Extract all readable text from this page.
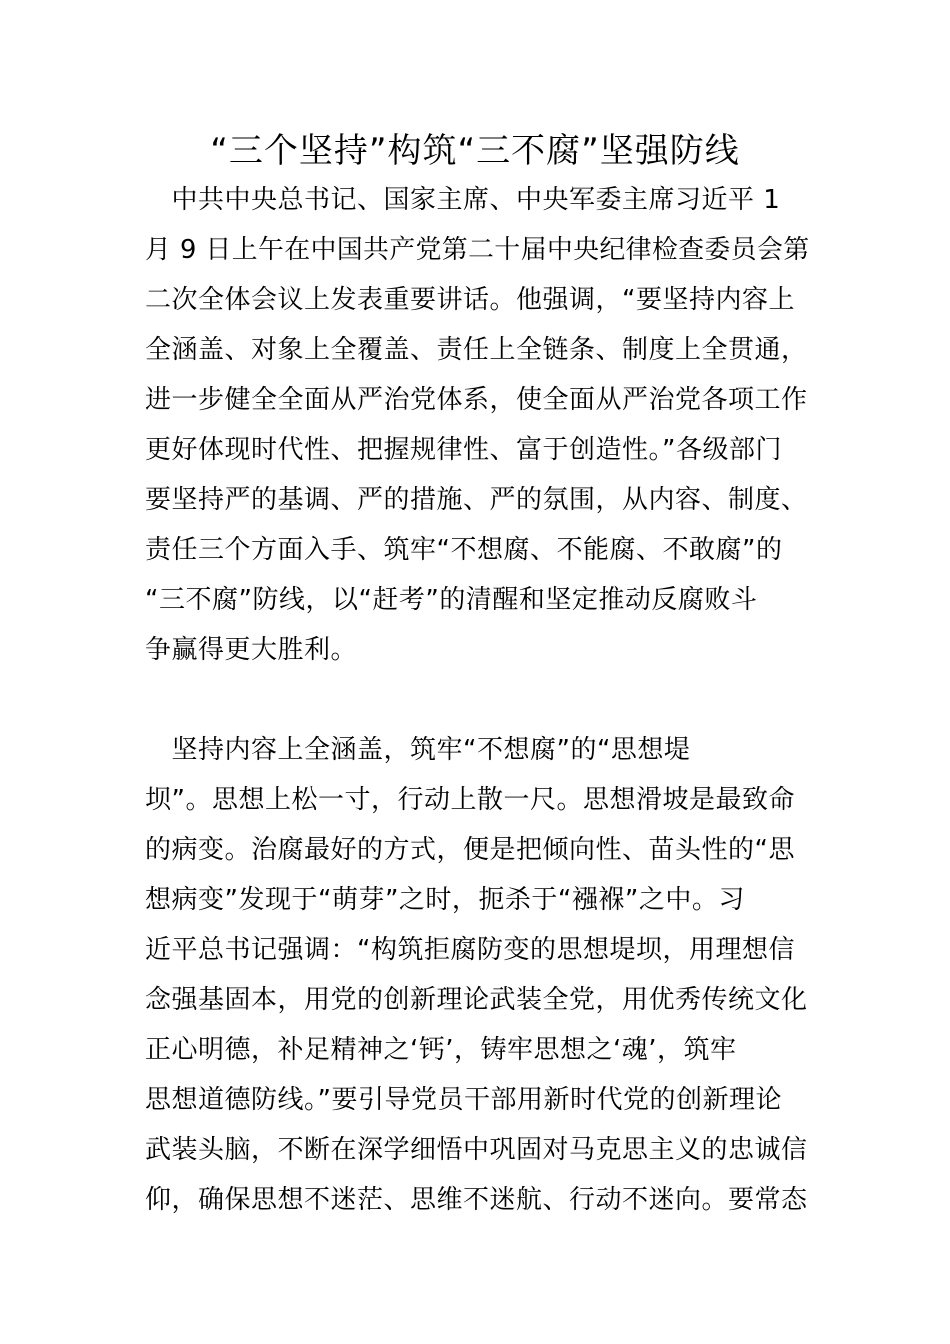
“三个坚持”构筑“三不腐”坚强防线
　中共中央总书记、国家主席、中央军委主席习近平 1
月 9 日上午在中国共产党第二十届中央纪律检查委员会第
二次全体会议上发表重要讲话。他强调，“要坚持内容上
全涵盖、对象上全覆盖、责任上全链条、制度上全贯通，
进一步健全全面从严治党体系，使全面从严治党各项工作
更好体现时代性、把握规律性、富于创造性。”各级部门
要坚持严的基调、严的措施、严的氛围，从内容、制度、
责任三个方面入手、筑牢“不想腐、不能腐、不敢腐”的
“三不腐”防线，以“赶考”的清醒和坚定推动反腐败斗
争赢得更大胜利。
　坚持内容上全涵盖，筑牢“不想腐”的“思想堤
坝”。思想上松一寸，行动上散一尺。思想滑坡是最致命
的病变。治腐最好的方式，便是把倾向性、苗头性的“思
想病变”发现于“萌芽”之时，扼杀于“襁褓”之中。习
近平总书记强调：“构筑拒腐防变的思想堤坝，用理想信
念强基固本，用党的创新理论武装全党，用优秀传统文化
正心明德，补足精神之‘钙’，铸牢思想之‘魂’，筑牢
思想道德防线。”要引导党员干部用新时代党的创新理论
武装头脑，不断在深学细悟中巩固对马克思主义的忠诚信
仰，确保思想不迷茫、思维不迷航、行动不迷向。要常态
